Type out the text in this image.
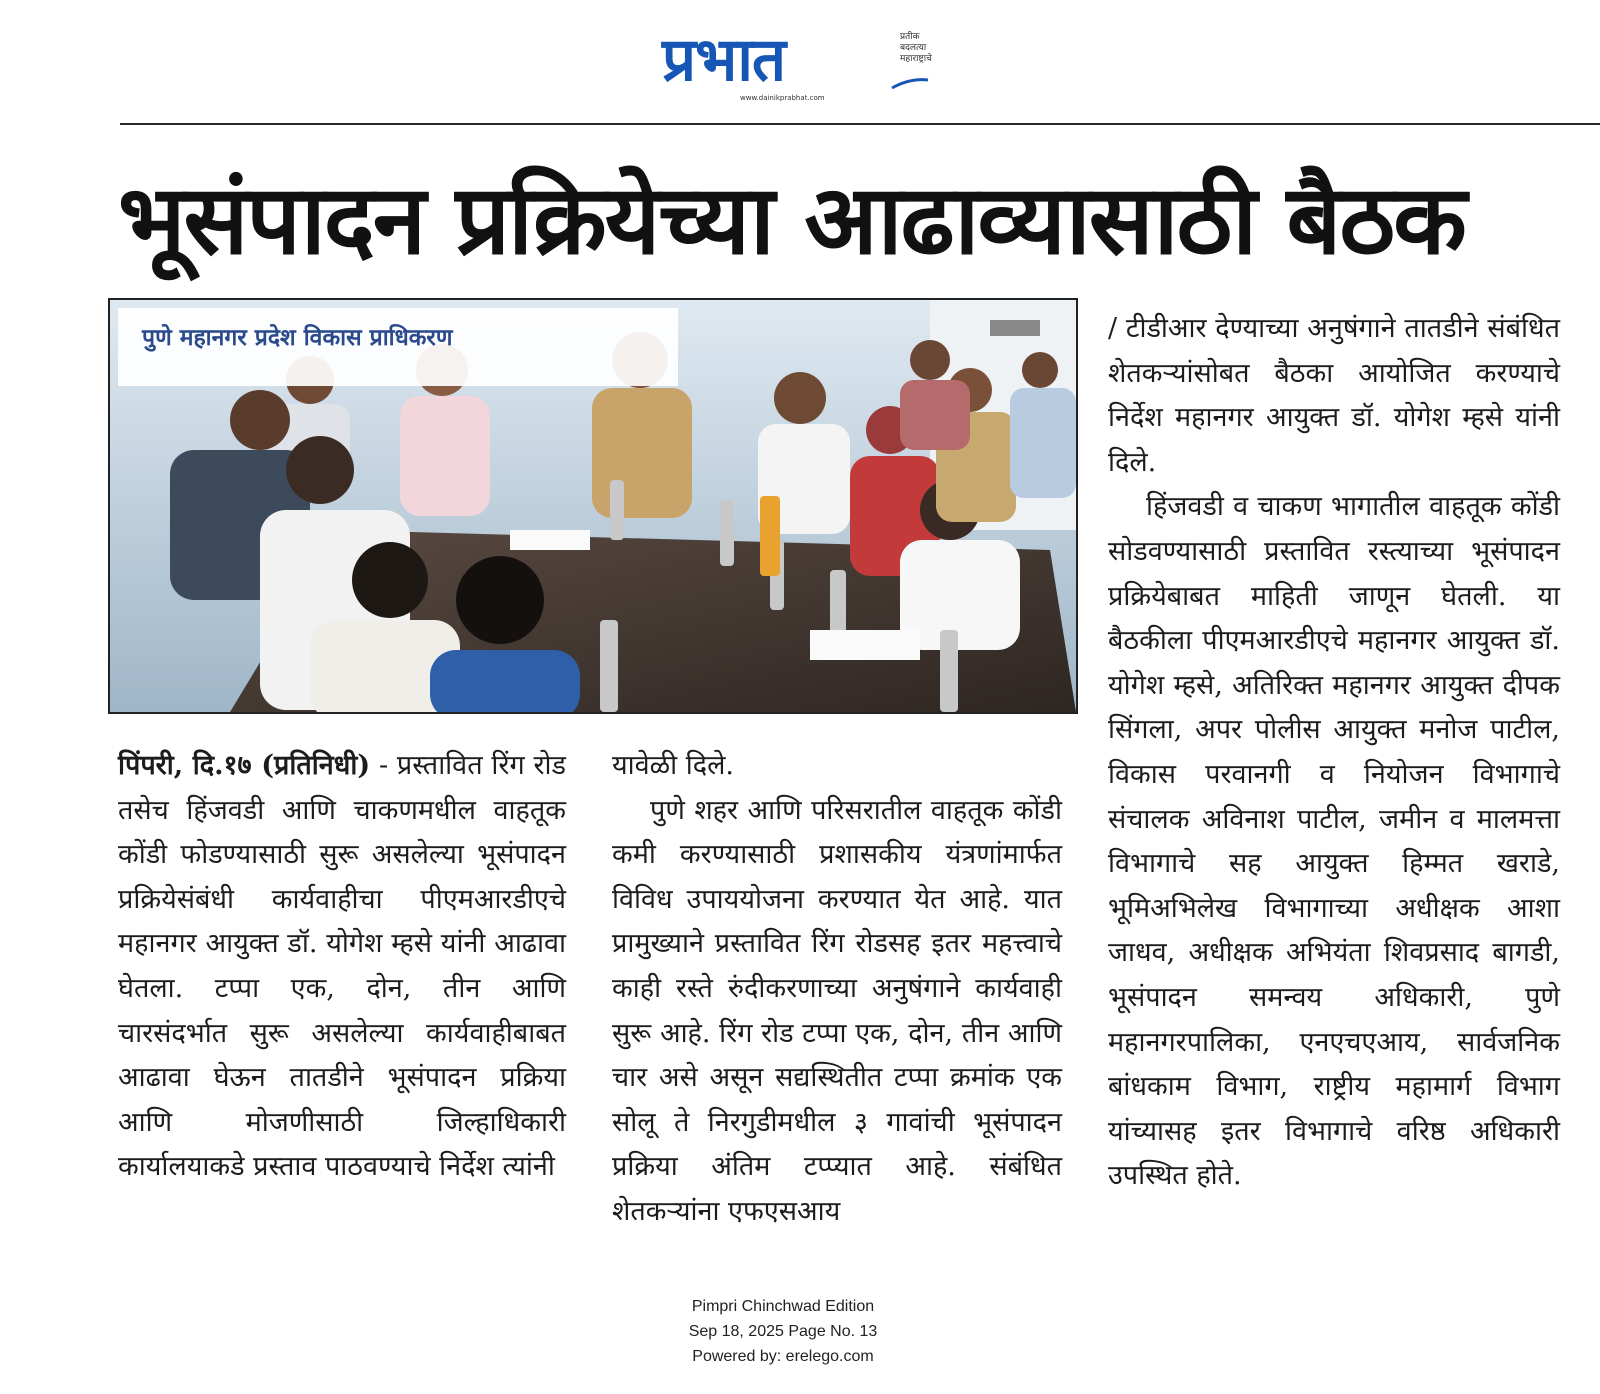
प्रभात	प्रतीक
बदलत्या
महाराष्ट्राचे
www.dainikprabhat.com
भूसंपादन प्रक्रियेच्या आढाव्यासाठी बैठक
पुणे महानगर प्रदेश विकास प्राधिकरण

पिंपरी, दि.१७ (प्रतिनिधी) - प्रस्तावित रिंग रोड तसेच हिंजवडी आणि चाकणमधील वाहतूक कोंडी फोडण्यासाठी सुरू असलेल्या भूसंपादन प्रक्रियेसंबंधी कार्यवाहीचा पीएमआरडीएचे महानगर आयुक्त डॉ. योगेश म्हसे यांनी आढावा घेतला. टप्पा एक, दोन, तीन आणि चारसंदर्भात सुरू असलेल्या कार्यवाहीबाबत आढावा घेऊन तातडीने भूसंपादन प्रक्रिया आणि मोजणीसाठी जिल्हाधिकारी कार्यालयाकडे प्रस्ताव पाठवण्याचे निर्देश त्यांनी

यावेळी दिले.

पुणे शहर आणि परिसरातील वाहतूक कोंडी कमी करण्यासाठी प्रशासकीय यंत्रणांमार्फत विविध उपाययोजना करण्यात येत आहे. यात प्रामुख्याने प्रस्तावित रिंग रोडसह इतर महत्त्वाचे काही रस्ते रुंदीकरणाच्या अनुषंगाने कार्यवाही सुरू आहे. रिंग रोड टप्पा एक, दोन, तीन आणि चार असे असून सद्यस्थितीत टप्पा क्रमांक एक सोलू ते निरगुडीमधील ३ गावांची भूसंपादन प्रक्रिया अंतिम टप्प्यात आहे. संबंधित शेतकऱ्यांना एफएसआय

/ टीडीआर देण्याच्या अनुषंगाने तातडीने संबंधित शेतकऱ्यांसोबत बैठका आयोजित करण्याचे निर्देश महानगर आयुक्त डॉ. योगेश म्हसे यांनी दिले.

हिंजवडी व चाकण भागातील वाहतूक कोंडी सोडवण्यासाठी प्रस्तावित रस्त्याच्या भूसंपादन प्रक्रियेबाबत माहिती जाणून घेतली. या बैठकीला पीएमआरडीएचे महानगर आयुक्त डॉ. योगेश म्हसे, अतिरिक्त महानगर आयुक्त दीपक सिंगला, अपर पोलीस आयुक्त मनोज पाटील, विकास परवानगी व नियोजन विभागाचे संचालक अविनाश पाटील, जमीन व मालमत्ता विभागाचे सह आयुक्त हिम्मत खराडे, भूमिअभिलेख विभागाच्या अधीक्षक आशा जाधव, अधीक्षक अभियंता शिवप्रसाद बागडी, भूसंपादन समन्वय अधिकारी, पुणे महानगरपालिका, एनएचएआय, सार्वजनिक बांधकाम विभाग, राष्ट्रीय महामार्ग विभाग यांच्यासह इतर विभागाचे वरिष्ठ अधिकारी उपस्थित होते.

Pimpri Chinchwad Edition
Sep 18, 2025 Page No. 13
Powered by: erelego.com
